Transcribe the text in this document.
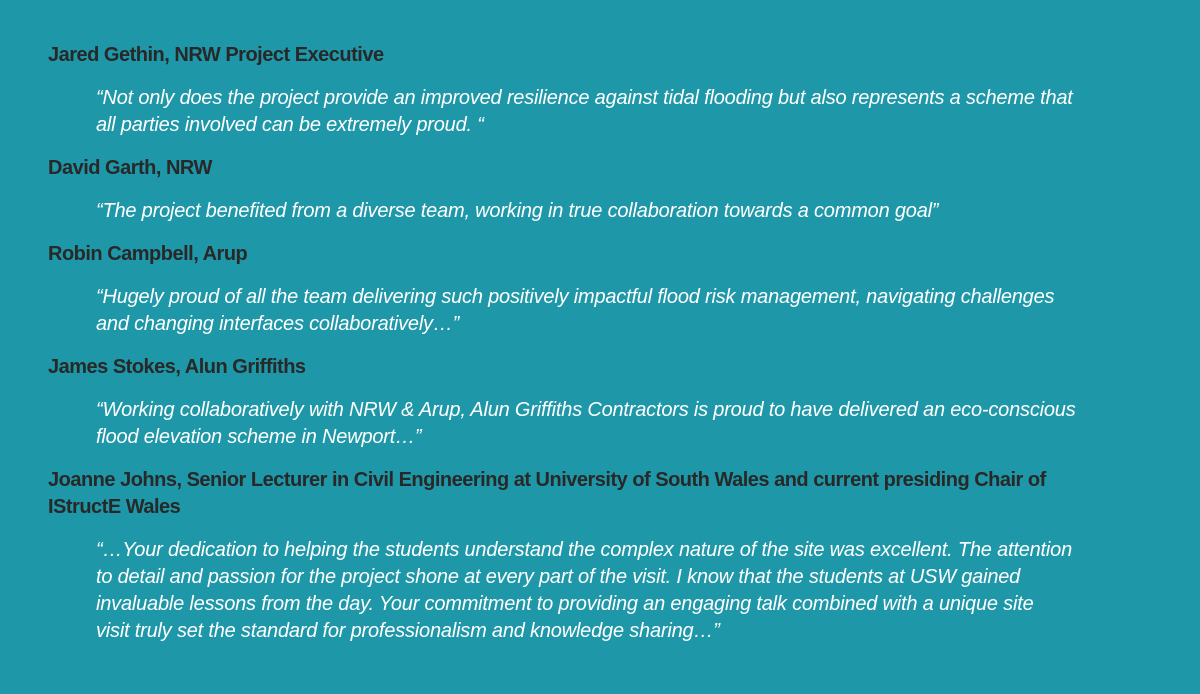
Jared Gethin, NRW Project Executive
“Not only does the project provide an improved resilience against tidal flooding but also represents a scheme that
all parties involved can be extremely proud. “
David Garth, NRW
“The project benefited from a diverse team, working in true collaboration towards a common goal”
Robin Campbell, Arup
“Hugely proud of all the team delivering such positively impactful flood risk management, navigating challenges
and changing interfaces collaboratively…”
James Stokes, Alun Griffiths
“Working collaboratively with NRW & Arup, Alun Griffiths Contractors is proud to have delivered an eco-conscious
flood elevation scheme in Newport…”
Joanne Johns, Senior Lecturer in Civil Engineering at University of South Wales and current presiding Chair of
IStructE Wales
“…Your dedication to helping the students understand the complex nature of the site was excellent. The attention
to detail and passion for the project shone at every part of the visit. I know that the students at USW gained
invaluable lessons from the day. Your commitment to providing an engaging talk combined with a unique site
visit truly set the standard for professionalism and knowledge sharing…”
